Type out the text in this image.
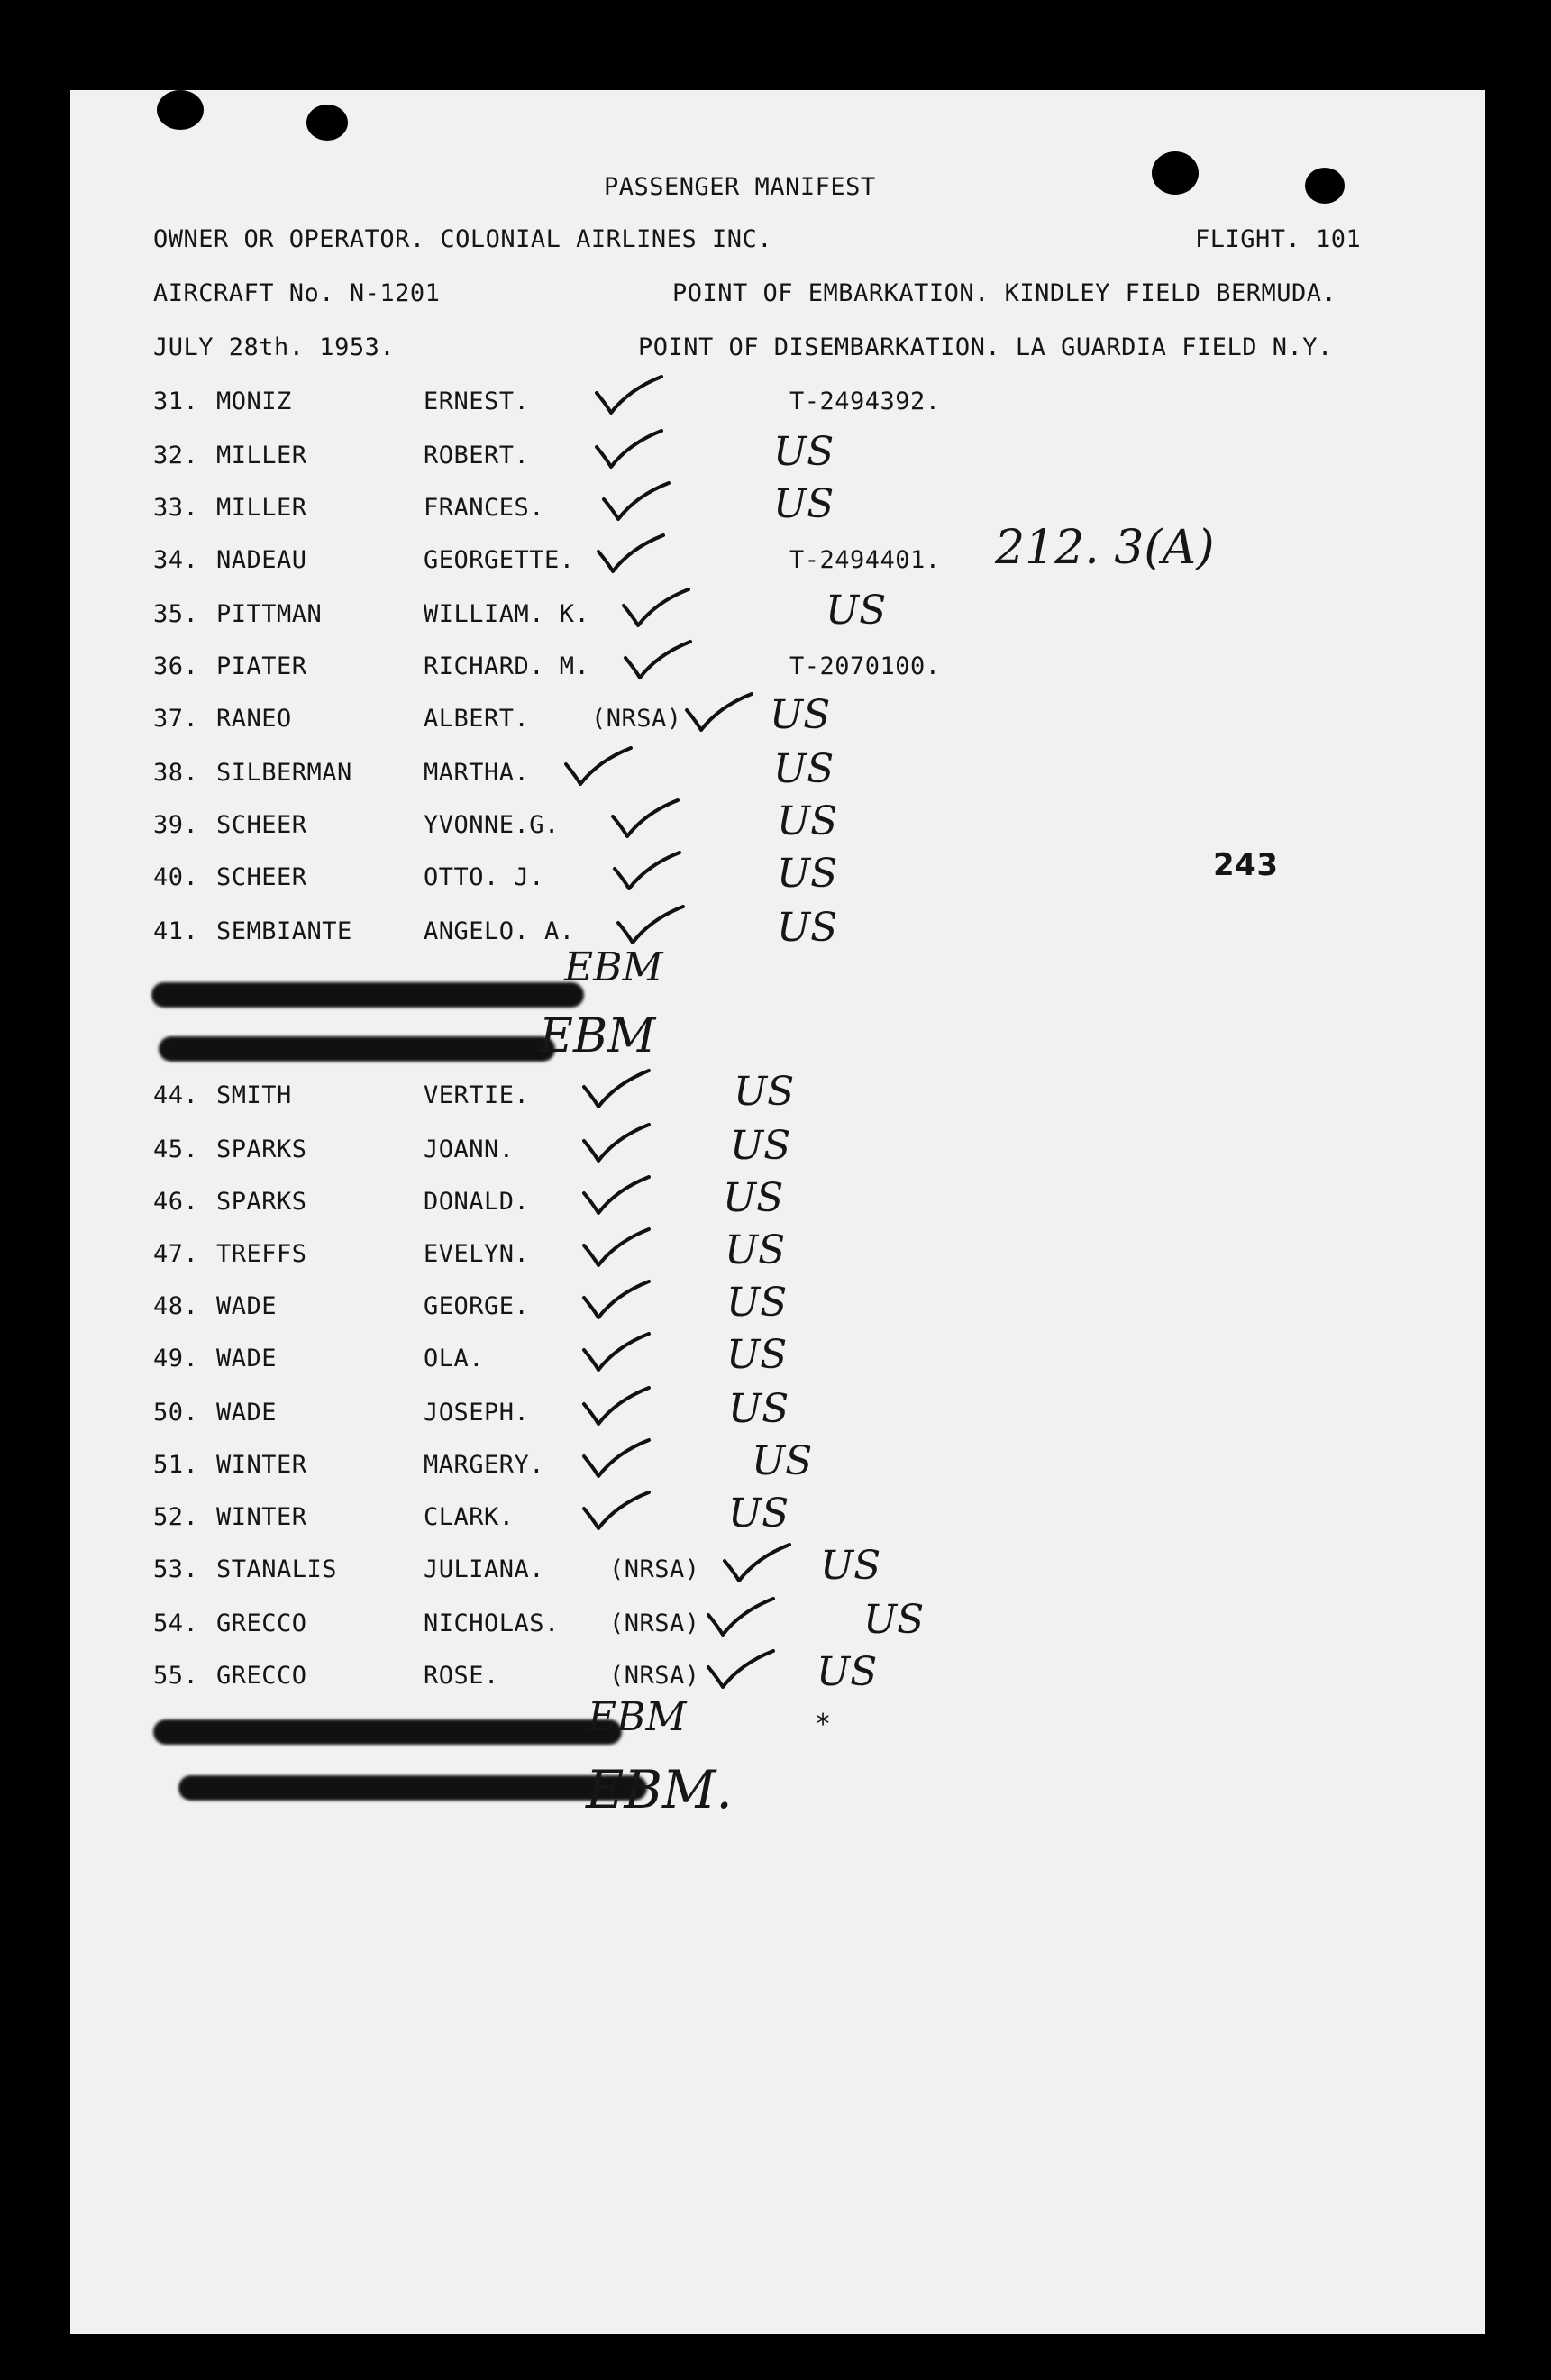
PASSENGER MANIFEST
OWNER OR OPERATOR. COLONIAL AIRLINES INC.	FLIGHT. 101
AIRCRAFT No. N-1201	POINT OF EMBARKATION. KINDLEY FIELD BERMUDA.
JULY 28th. 1953.	POINT OF DISEMBARKATION. LA GUARDIA FIELD N.Y.
31. MONIZ	ERNEST.	T-2494392.
32. MILLER	ROBERT.	US
33. MILLER	FRANCES.	US
34. NADEAU	GEORGETTE.	T-2494401.
35. PITTMAN	WILLIAM. K.	US
36. PIATER	RICHARD. M.	T-2070100.
37. RANEO	ALBERT.	(NRSA) US
38. SILBERMAN	MARTHA.	US
39. SCHEER	YVONNE.G.	US
40. SCHEER	OTTO. J.	US
41. SEMBIANTE	ANGELO. A.	US
44. SMITH	VERTIE.	US
45. SPARKS	JOANN.	US
46. SPARKS	DONALD.	US
47. TREFFS	EVELYN.	US
48. WADE	GEORGE.	US
49. WADE	OLA.	US
50. WADE	JOSEPH.	US
51. WINTER	MARGERY.	US
52. WINTER	CLARK.	US
53. STANALIS	JULIANA.	(NRSA)	US
54. GRECCO	NICHOLAS. (NRSA)	US
55. GRECCO	ROSE.	(NRSA)	US
243
212. 3(A)
EBM
EBM
EBM
EBM.
*
